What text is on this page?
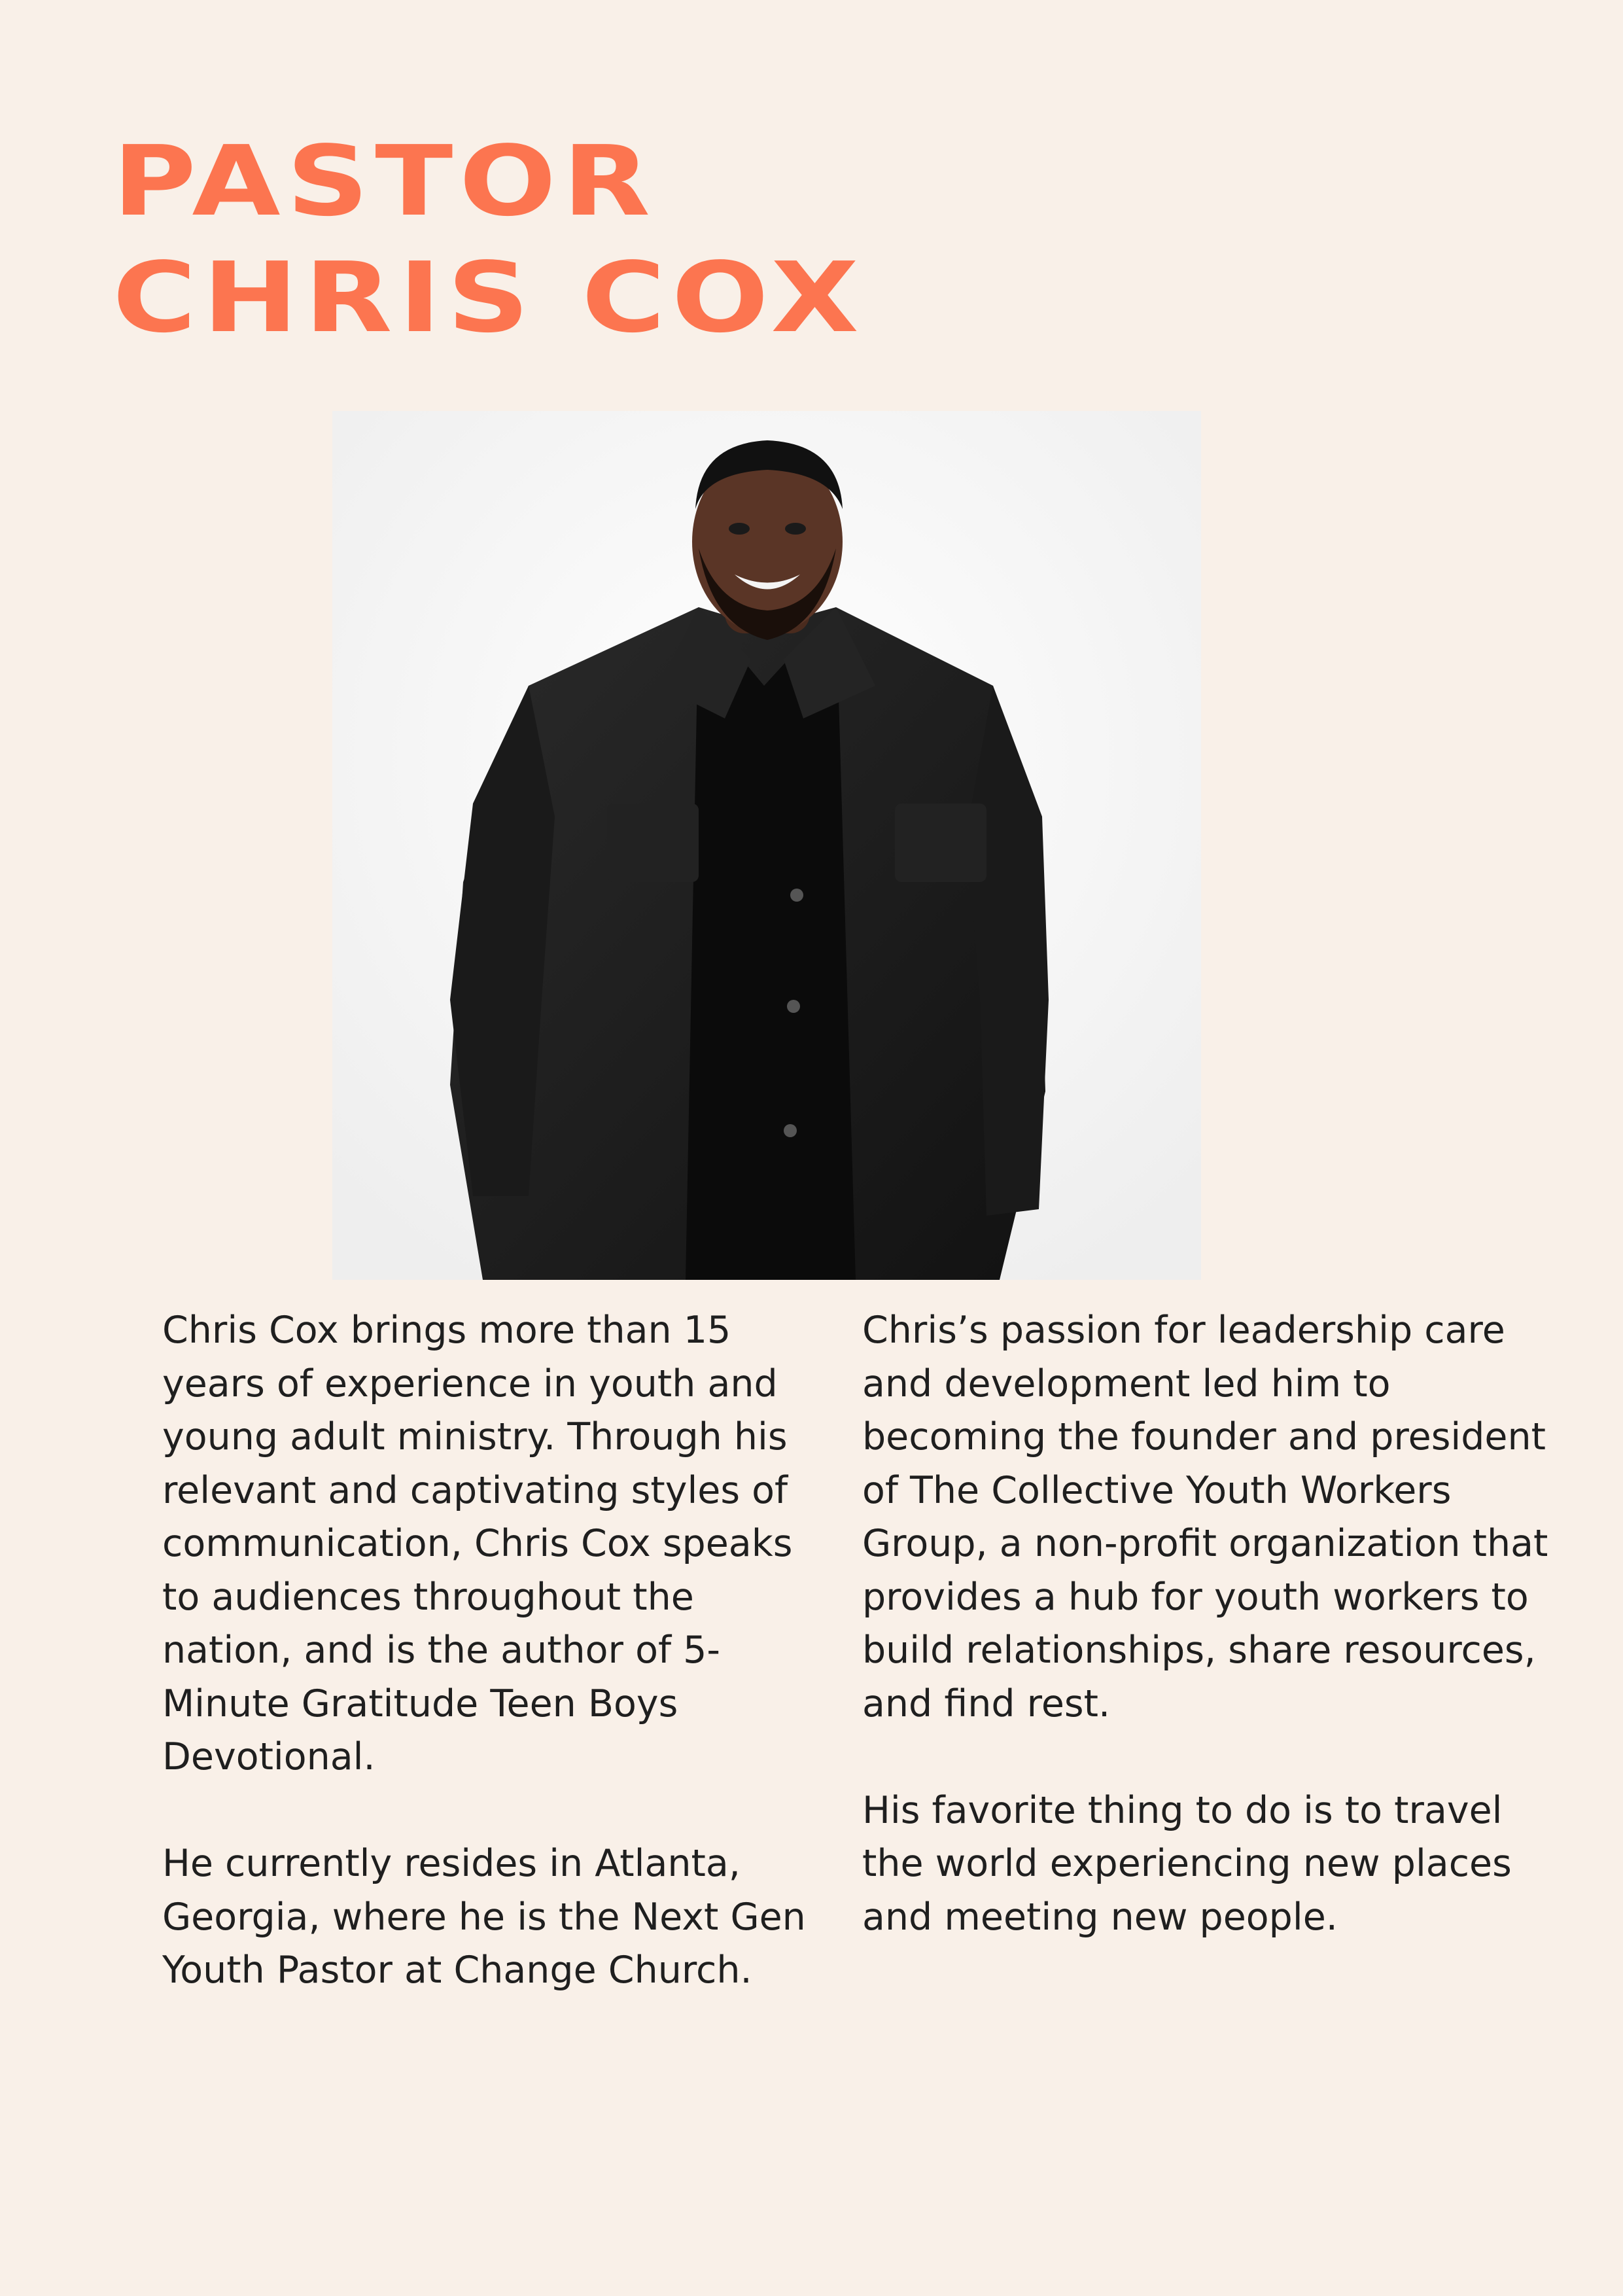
PASTOR
CHRIS COX

Chris Cox brings more than 15 years of experience in youth and young adult ministry. Through his relevant and captivating styles of communication, Chris Cox speaks to audiences throughout the nation, and is the author of 5-Minute Gratitude Teen Boys Devotional.

He currently resides in Atlanta, Georgia, where he is the Next Gen Youth Pastor at Change Church.

Chris’s passion for leadership care and development led him to becoming the founder and president of The Collective Youth Workers Group, a non-profit organization that provides a hub for youth workers to build relationships, share resources, and find rest.

His favorite thing to do is to travel the world experiencing new places and meeting new people.
